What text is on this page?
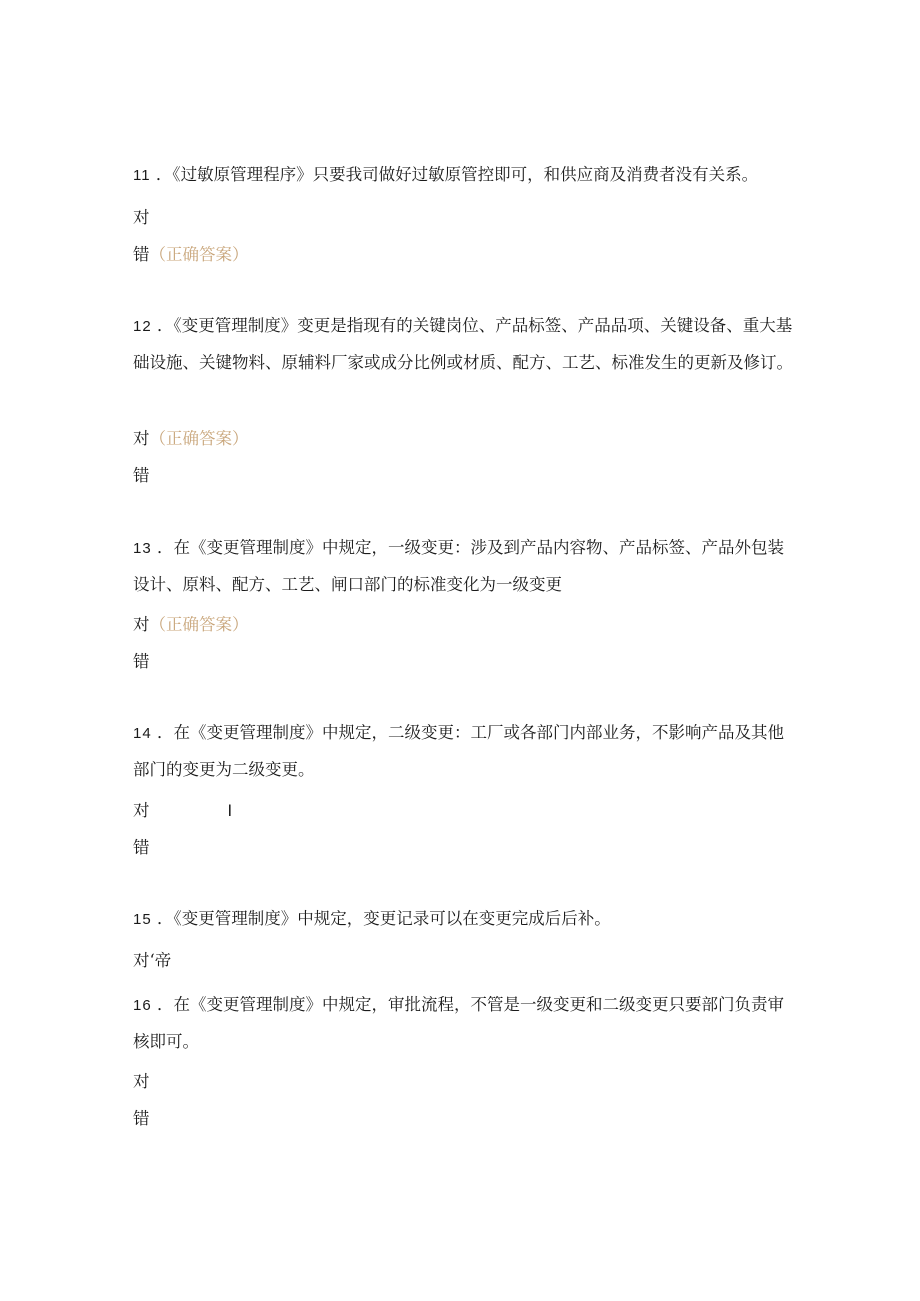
11 ．《过敏原管理程序》只要我司做好过敏原管控即可，和供应商及消费者没有关系。
对
错（正确答案）
12 ．《变更管理制度》变更是指现有的关键岗位、产品标签、产品品项、关键设备、重大基础设施、关键物料、原辅料厂家或成分比例或材质、配方、工艺、标准发生的更新及修订。
对（正确答案）
错
13 ．在《变更管理制度》中规定，一级变更：涉及到产品内容物、产品标签、产品外包装设计、原料、配方、工艺、闸口部门的标准变化为一级变更
对（正确答案）
错
14 ．在《变更管理制度》中规定，二级变更：工厂或各部门内部业务，不影响产品及其他部门的变更为二级变更。
对	I
错
15 ．《变更管理制度》中规定，变更记录可以在变更完成后后补。
对‘帝
16 ．在《变更管理制度》中规定，审批流程，不管是一级变更和二级变更只要部门负责审核即可。
对
错
